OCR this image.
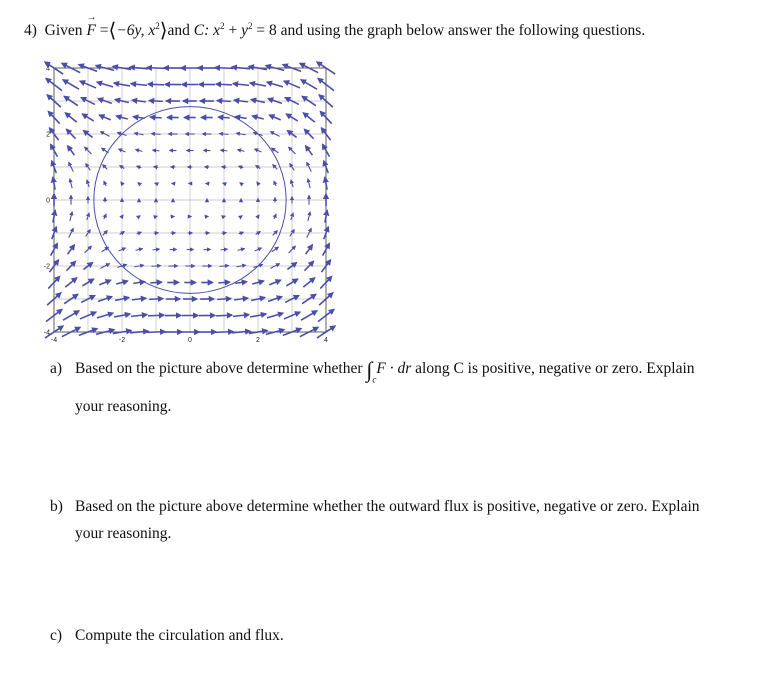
4) Given → F =⟨−6y, $x^2⟩and$ C: $x^2 + y^2 = 8$ and using the graph below answer the following questions.
-4	-2	0	2	4
4
2
0
-2
-4
a) Based on the picture above determine whether $\int_cF$ · dr along C is positive, negative or zero. Explain
your reasoning.
b) Based on the picture above determine whether the outward flux is positive, negative or zero. Explain
your reasoning.
c) Compute the circulation and flux.
